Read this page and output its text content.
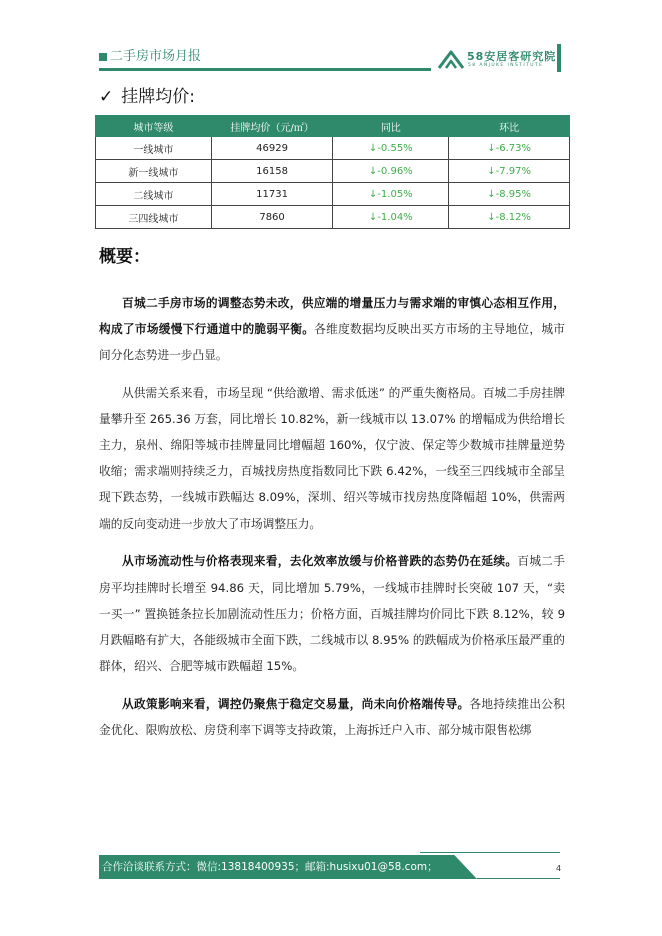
二手房市场月报	58安居客研究院
58 ANJUKE INSTITUTE
✓ 挂牌均价:
城市等级	挂牌均价（元/㎡）	同比	环比
一线城市	46929	↓-0.55%	↓-6.73%
新一线城市	16158	↓-0.96%	↓-7.97%
二线城市	11731	↓-1.05%	↓-8.95%
三四线城市	7860	↓-1.04%	↓-8.12%
概要：

百城二手房市场的调整态势未改，供应端的增量压力与需求端的审慎心态相互作用，构成了市场缓慢下行通道中的脆弱平衡。各维度数据均反映出买方市场的主导地位，城市间分化态势进一步凸显。

从供需关系来看，市场呈现 “供给激增、需求低迷” 的严重失衡格局。百城二手房挂牌量攀升至 265.36 万套，同比增长 10.82%，新一线城市以 13.07% 的增幅成为供给增长主力，泉州、绵阳等城市挂牌量同比增幅超 160%，仅宁波、保定等少数城市挂牌量逆势收缩；需求端则持续乏力，百城找房热度指数同比下跌 6.42%，一线至三四线城市全部呈现下跌态势，一线城市跌幅达 8.09%，深圳、绍兴等城市找房热度降幅超 10%，供需两端的反向变动进一步放大了市场调整压力。

从市场流动性与价格表现来看，去化效率放缓与价格普跌的态势仍在延续。百城二手房平均挂牌时长增至 94.86 天，同比增加 5.79%，一线城市挂牌时长突破 107 天，“卖一买一” 置换链条拉长加剧流动性压力；价格方面，百城挂牌均价同比下跌 8.12%，较 9 月跌幅略有扩大，各能级城市全面下跌，二线城市以 8.95% 的跌幅成为价格承压最严重的群体，绍兴、合肥等城市跌幅超 15%。

从政策影响来看，调控仍聚焦于稳定交易量，尚未向价格端传导。各地持续推出公积金优化、限购放松、房贷利率下调等支持政策，上海拆迁户入市、部分城市限售松绑

合作洽谈联系方式：微信:13818400935；邮箱:husixu01@58.com；	4
